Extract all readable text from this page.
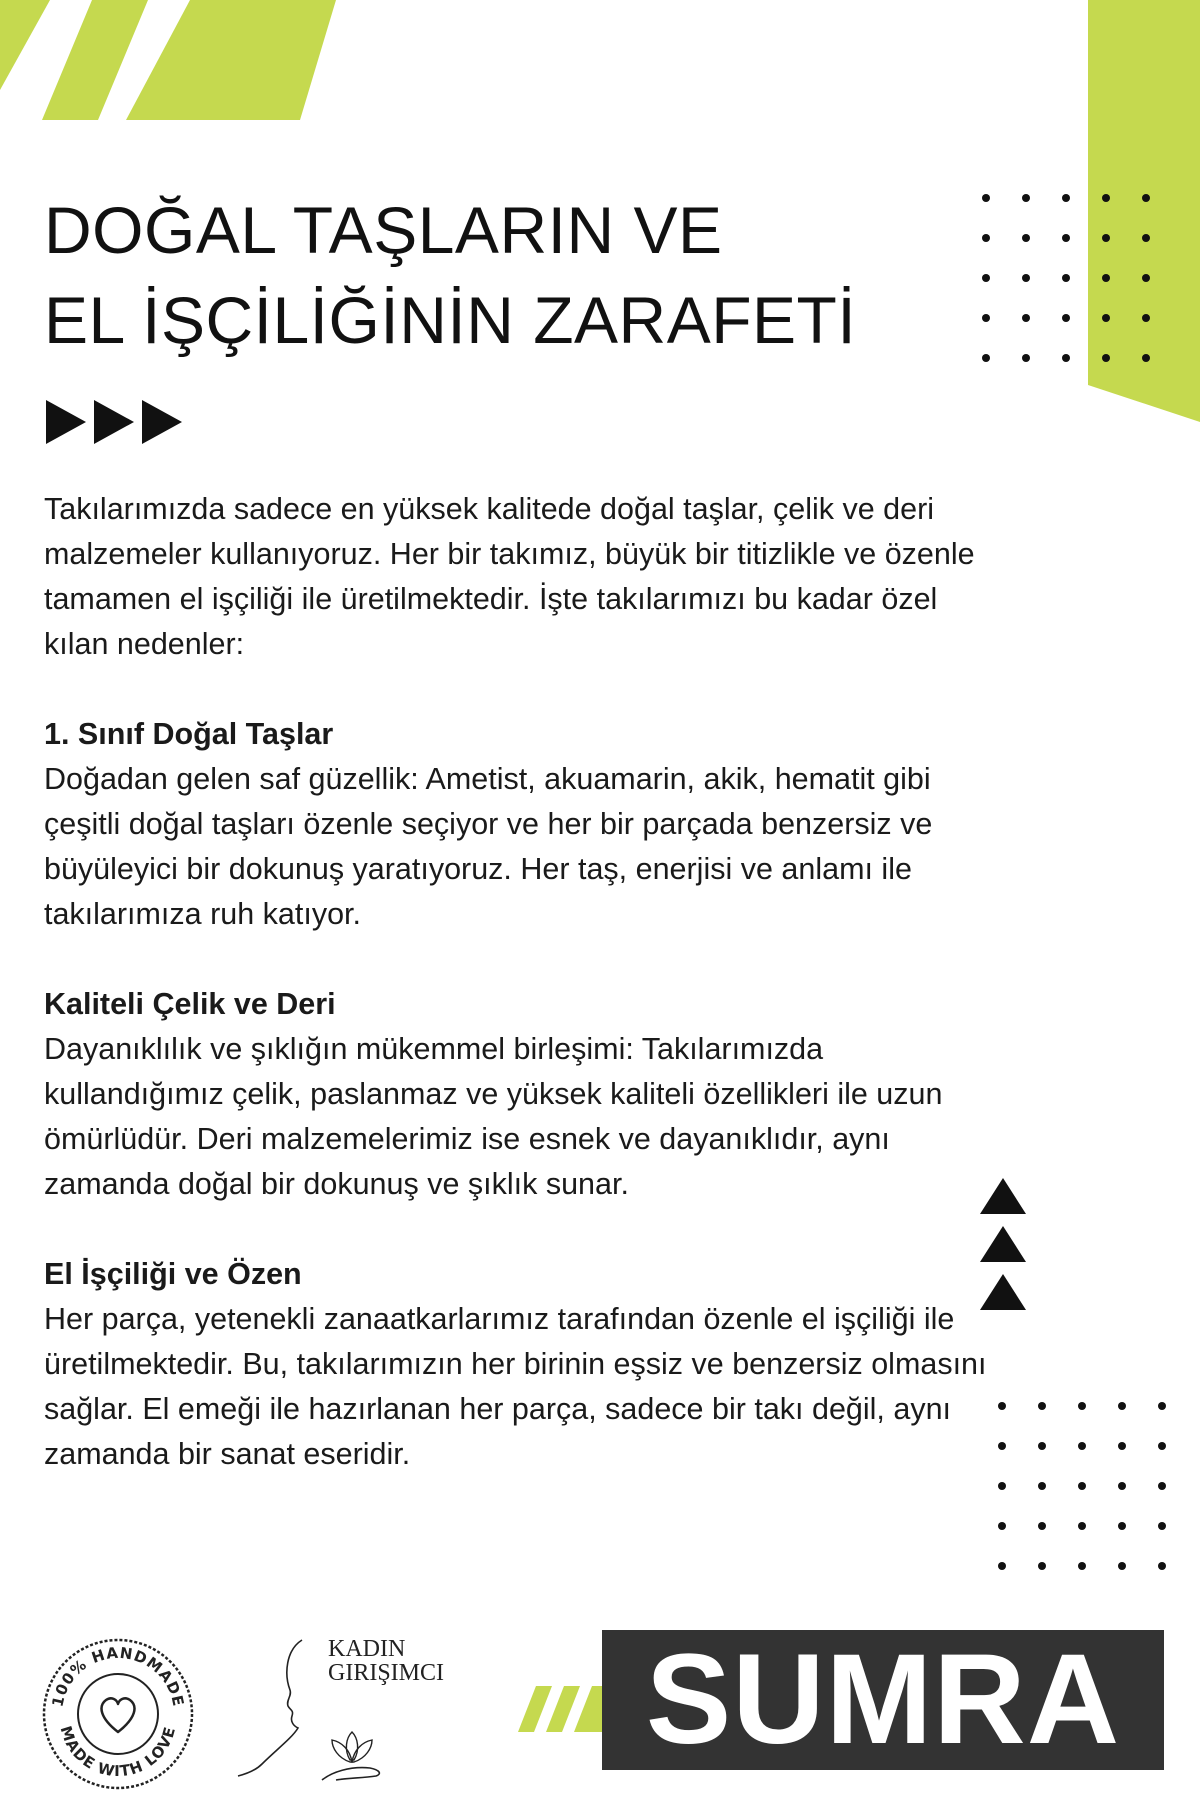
DOĞAL TAŞLARIN VE
EL İŞÇİLİĞİNİN ZARAFETİ

Takılarımızda sadece en yüksek kalitede doğal taşlar, çelik ve deri malzemeler kullanıyoruz. Her bir takımız, büyük bir titizlikle ve özenle tamamen el işçiliği ile üretilmektedir. İşte takılarımızı bu kadar özel kılan nedenler:

1. Sınıf Doğal Taşlar

Doğadan gelen saf güzellik: Ametist, akuamarin, akik, hematit gibi çeşitli doğal taşları özenle seçiyor ve her bir parçada benzersiz ve büyüleyici bir dokunuş yaratıyoruz. Her taş, enerjisi ve anlamı ile takılarımıza ruh katıyor.

Kaliteli Çelik ve Deri

Dayanıklılık ve şıklığın mükemmel birleşimi: Takılarımızda kullandığımız çelik, paslanmaz ve yüksek kaliteli özellikleri ile uzun ömürlüdür. Deri malzemelerimiz ise esnek ve dayanıklıdır, aynı zamanda doğal bir dokunuş ve şıklık sunar.

El İşçiliği ve Özen

Her parça, yetenekli zanaatkarlarımız tarafından özenle el işçiliği ile üretilmektedir. Bu, takılarımızın her birinin eşsiz ve benzersiz olmasını sağlar. El emeği ile hazırlanan her parça, sadece bir takı değil, aynı zamanda bir sanat eseridir.

100% HANDMADE
MADE WITH LOVE
KADIN
GIRIŞIMCI	SUMRA
